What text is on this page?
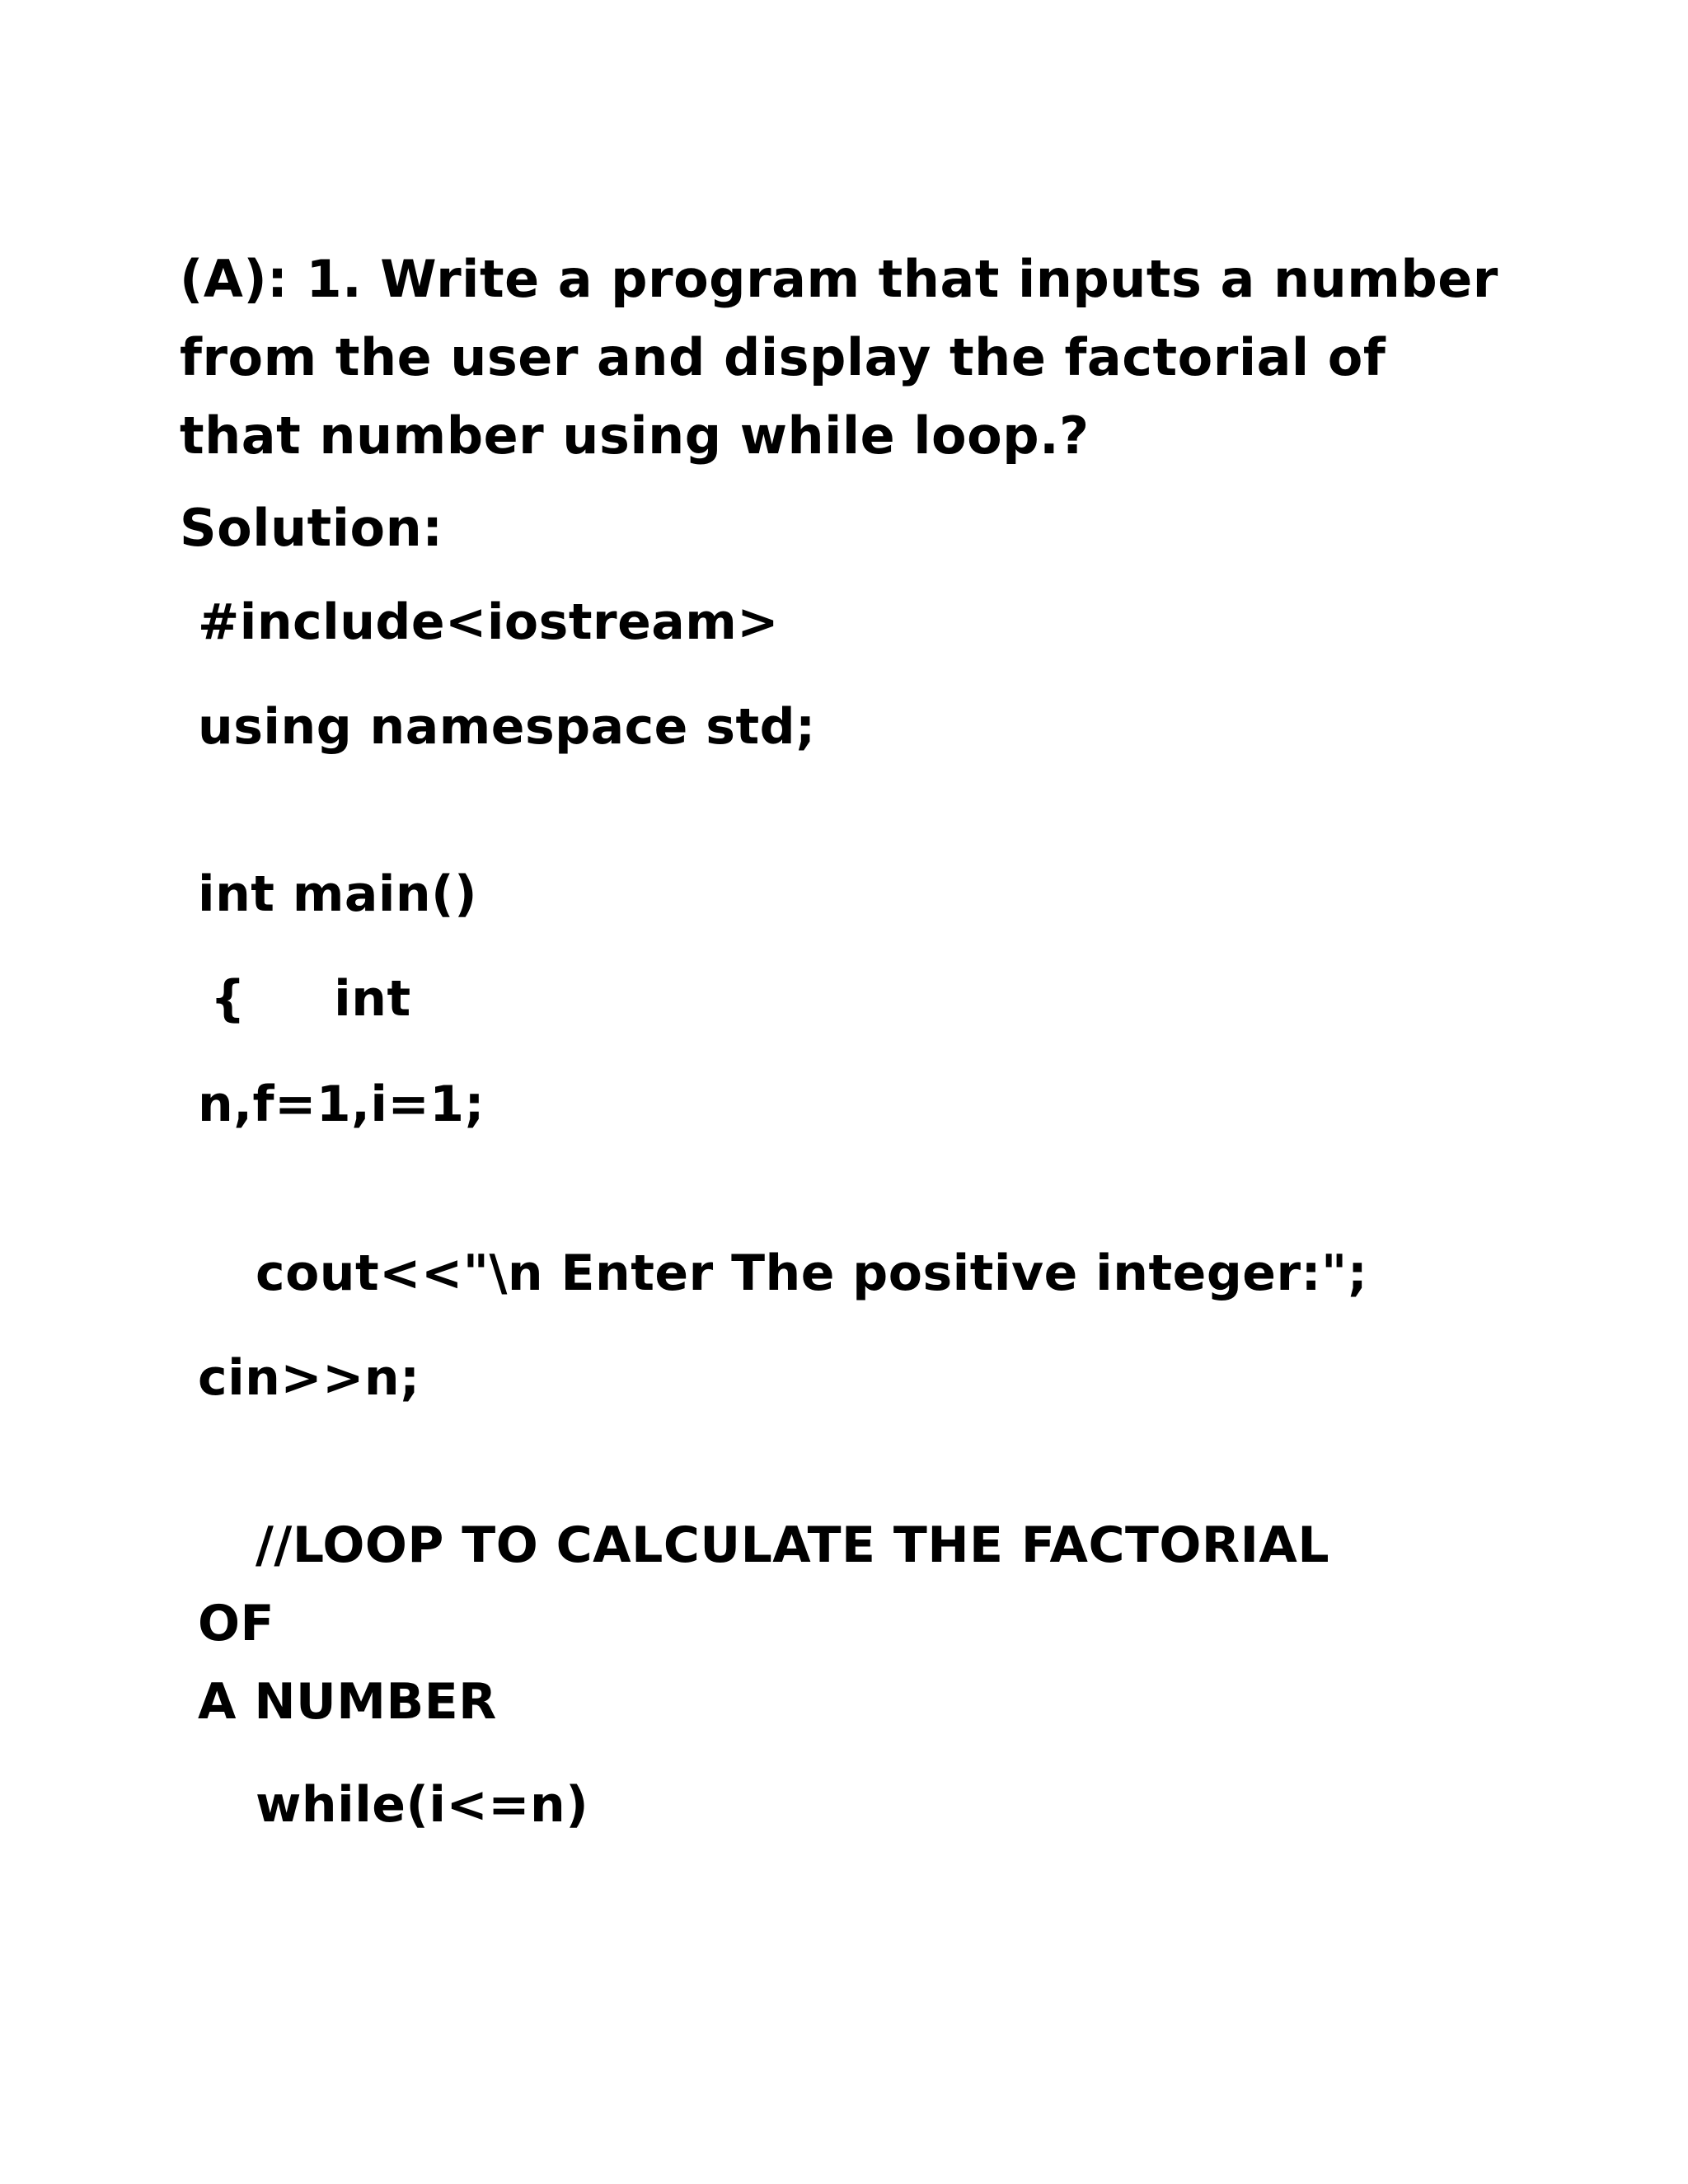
(A): 1. Write a program that inputs a number
from the user and display the factorial of
that number using while loop.?
Solution:
#include<iostream>
using namespace std;
int main()
{     int
n,f=1,i=1;
cout<<"\n Enter The positive integer:";
cin>>n;
//LOOP TO CALCULATE THE FACTORIAL
OF
A NUMBER
while(i<=n)
